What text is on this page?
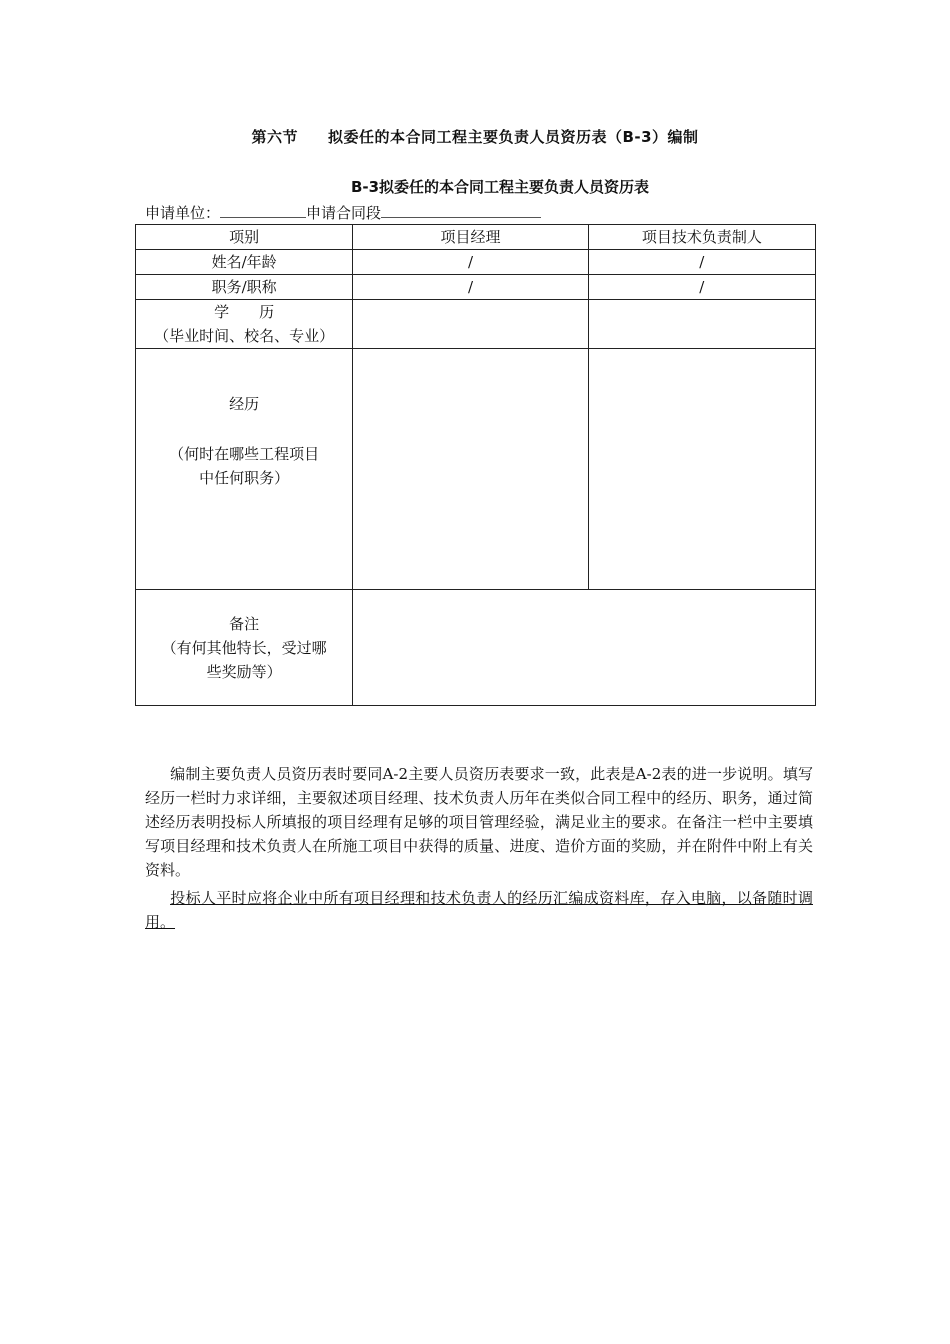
第六节 拟委任的本合同工程主要负责人员资历表（B-3）编制
B-3拟委任的本合同工程主要负责人员资历表
申请单位：	申请合同段
项别	项目经理	项目技术负责制人
姓名/年龄	/	/
职务/职称	/	/

学　　历
（毕业时间、校名、专业）		

经历
（何时在哪些工程项目
中任何职务）		

备注
（有何其他特长，受过哪
些奖励等）		

编制主要负责人员资历表时要同A-2主要人员资历表要求一致，此表是A-2表的进一步说明。填写经历一栏时力求详细，主要叙述项目经理、技术负责人历年在类似合同工程中的经历、职务，通过简述经历表明投标人所填报的项目经理有足够的项目管理经验，满足业主的要求。在备注一栏中主要填写项目经理和技术负责人在所施工项目中获得的质量、进度、造价方面的奖励，并在附件中附上有关资料。
投标人平时应将企业中所有项目经理和技术负责人的经历汇编成资料库，存入电脑，以备随时调用。
